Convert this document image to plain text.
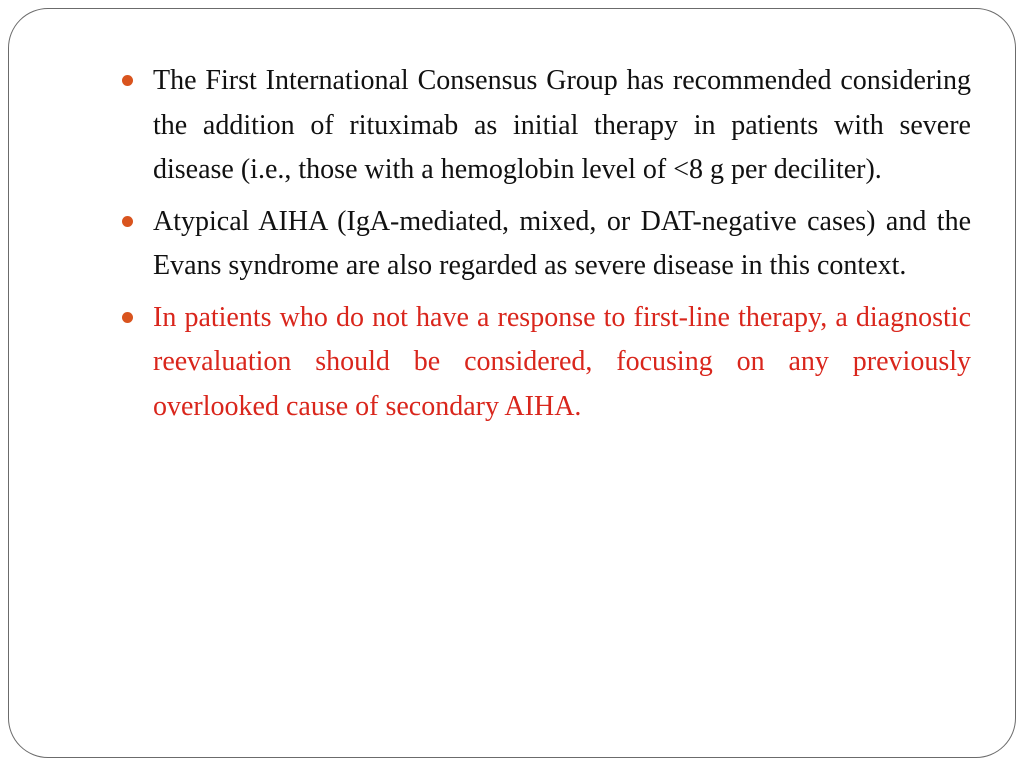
The First International Consensus Group has recommended considering the addition of rituximab as initial therapy in patients with severe disease (i.e., those with a hemoglobin level of <8 g per deciliter).
Atypical AIHA (IgA-mediated, mixed, or DAT-negative cases) and the Evans syndrome are also regarded as severe disease in this context.
In patients who do not have a response to first-line therapy, a diagnostic reevaluation should be considered, focusing on any previously overlooked cause of secondary AIHA.
